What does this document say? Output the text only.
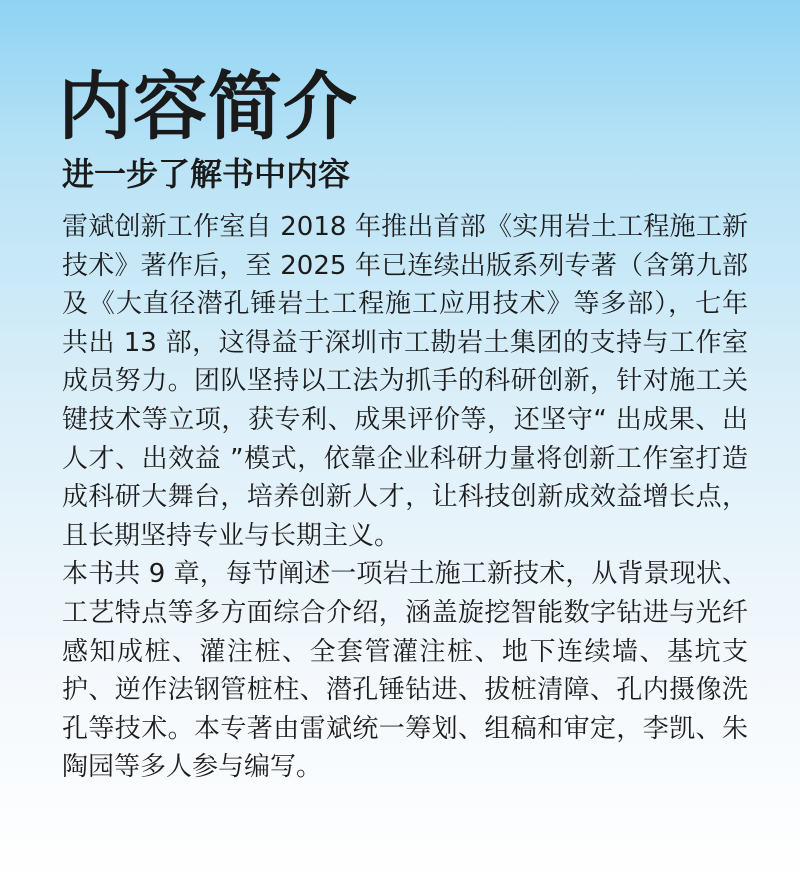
内容简介
进一步了解书中内容

雷斌创新工作室自 2018 年推出首部《实用岩土工程施工新技术》著作后，至 2025 年已连续出版系列专著（含第九部及《大直径潜孔锤岩土工程施工应用技术》等多部），七年共出 13 部，这得益于深圳市工勘岩土集团的支持与工作室成员努力。团队坚持以工法为抓手的科研创新，针对施工关键技术等立项，获专利、成果评价等，还坚守“ 出成果、出人才、出效益 ”模式，依靠企业科研力量将创新工作室打造成科研大舞台，培养创新人才，让科技创新成效益增长点，且长期坚持专业与长期主义。

本书共 9 章，每节阐述一项岩土施工新技术，从背景现状、工艺特点等多方面综合介绍，涵盖旋挖智能数字钻进与光纤感知成桩、灌注桩、全套管灌注桩、地下连续墙、基坑支护、逆作法钢管桩柱、潜孔锤钻进、拔桩清障、孔内摄像洗孔等技术。本专著由雷斌统一筹划、组稿和审定，李凯、朱陶园等多人参与编写。
